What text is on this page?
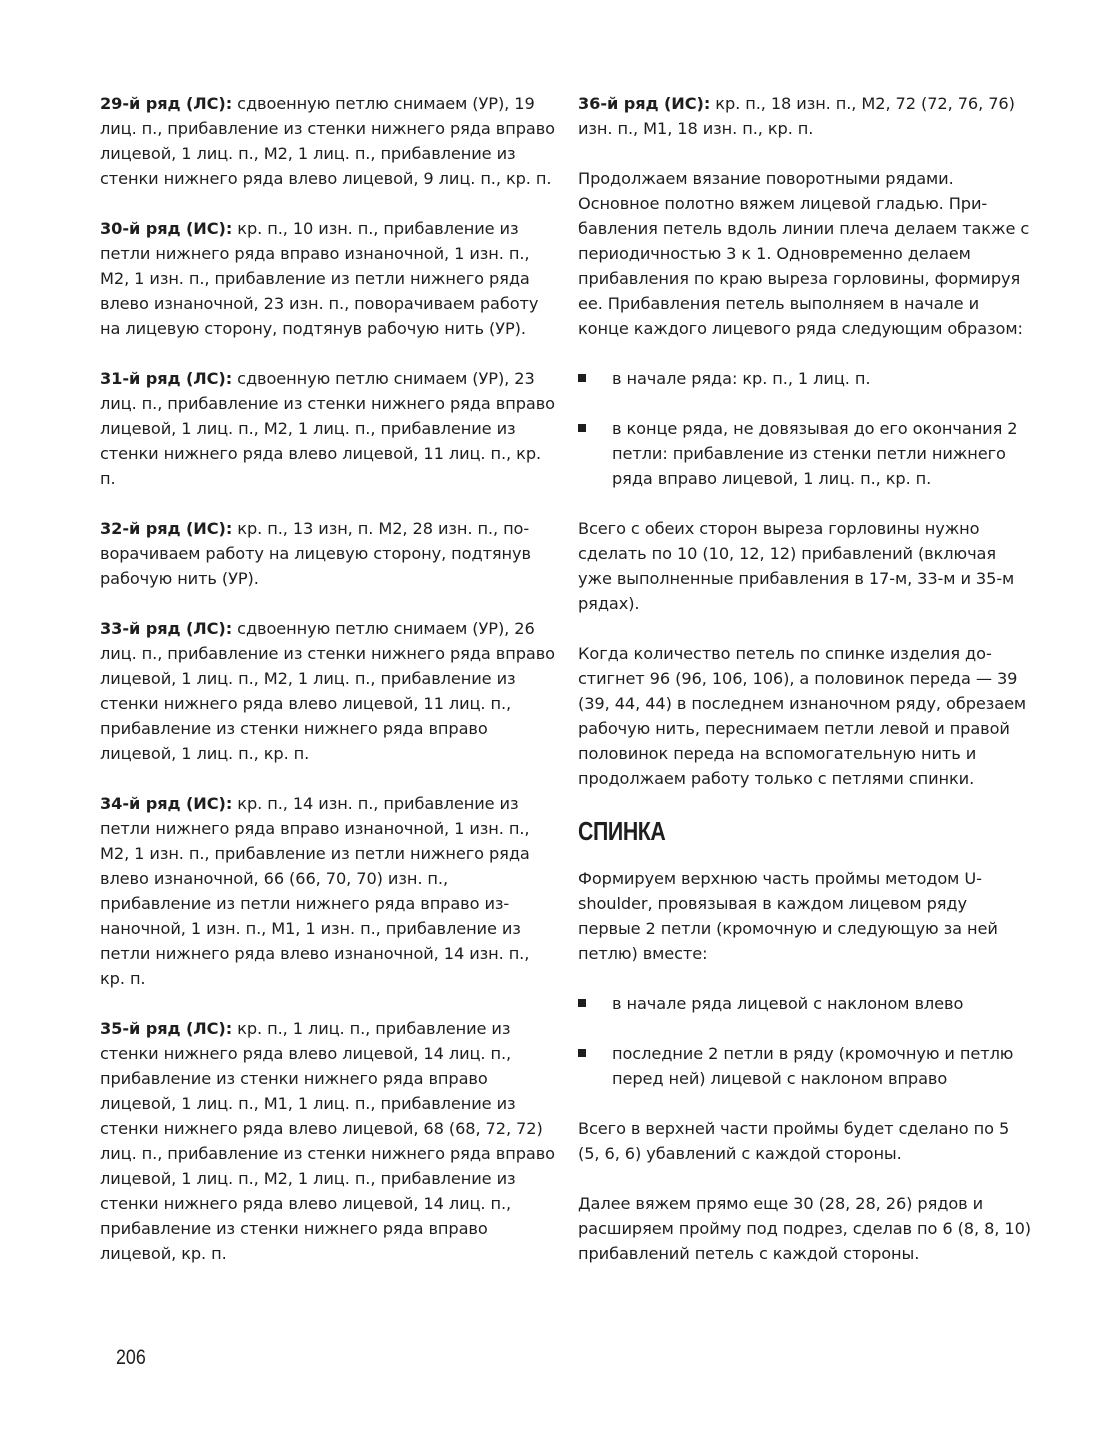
29-й ряд (ЛС): сдвоенную петлю снимаем (УР), 19 лиц. п., прибавление из стенки нижнего ряда вправо лицевой, 1 лиц. п., М2, 1 лиц. п., прибавление из стенки нижнего ряда влево лицевой, 9 лиц. п., кр. п.

30-й ряд (ИС): кр. п., 10 изн. п., прибавление из петли нижнего ряда вправо изнаночной, 1 изн. п., М2, 1 изн. п., прибавление из петли нижнего ряда влево изнаночной, 23 изн. п., поворачиваем работу на лицевую сторону, подтянув рабочую нить (УР).

31-й ряд (ЛС): сдвоенную петлю снимаем (УР), 23 лиц. п., прибавление из стенки нижнего ряда вправо лицевой, 1 лиц. п., М2, 1 лиц. п., прибавление из стенки нижнего ряда влево лицевой, 11 лиц. п., кр. п.

32-й ряд (ИС): кр. п., 13 изн, п. М2, 28 изн. п., поворачиваем работу на лицевую сторону, подтянув рабочую нить (УР).

33-й ряд (ЛС): сдвоенную петлю снимаем (УР), 26 лиц. п., прибавление из стенки нижнего ряда вправо лицевой, 1 лиц. п., М2, 1 лиц. п., прибавление из стенки нижнего ряда влево лицевой, 11 лиц. п., прибавление из стенки нижнего ряда вправо лицевой, 1 лиц. п., кр. п.

34-й ряд (ИС): кр. п., 14 изн. п., прибавление из петли нижнего ряда вправо изнаночной, 1 изн. п., М2, 1 изн. п., прибавление из петли нижнего ряда влево изнаночной, 66 (66, 70, 70) изн. п., прибавление из петли нижнего ряда вправо изнаночной, 1 изн. п., М1, 1 изн. п., прибавление из петли нижнего ряда влево изнаночной, 14 изн. п., кр. п.

35-й ряд (ЛС): кр. п., 1 лиц. п., прибавление из стенки нижнего ряда влево лицевой, 14 лиц. п., прибавление из стенки нижнего ряда вправо лицевой, 1 лиц. п., М1, 1 лиц. п., прибавление из стенки нижнего ряда влево лицевой, 68 (68, 72, 72) лиц. п., прибавление из стенки нижнего ряда вправо лицевой, 1 лиц. п., М2, 1 лиц. п., прибавление из стенки нижнего ряда влево лицевой, 14 лиц. п., прибавление из стенки нижнего ряда вправо лицевой, кр. п.

36-й ряд (ИС): кр. п., 18 изн. п., М2, 72 (72, 76, 76) изн. п., М1, 18 изн. п., кр. п.

Продолжаем вязание поворотными рядами. Основное полотно вяжем лицевой гладью. Прибавления петель вдоль линии плеча делаем также с периодичностью 3 к 1. Одновременно делаем прибавления по краю выреза горловины, формируя ее. Прибавления петель выполняем в начале и конце каждого лицевого ряда следующим образом:

в начале ряда: кр. п., 1 лиц. п.
в конце ряда, не довязывая до его окончания 2 петли: прибавление из стенки петли нижнего ряда вправо лицевой, 1 лиц. п., кр. п.

Всего с обеих сторон выреза горловины нужно сделать по 10 (10, 12, 12) прибавлений (включая уже выполненные прибавления в 17-м, 33-м и 35-м рядах).

Когда количество петель по спинке изделия достигнет 96 (96, 106, 106), а половинок переда — 39 (39, 44, 44) в последнем изнаночном ряду, обрезаем рабочую нить, переснимаем петли левой и правой половинок переда на вспомогательную нить и продолжаем работу только с петлями спинки.

СПИНКА

Формируем верхнюю часть проймы методом U-shoulder, провязывая в каждом лицевом ряду первые 2 петли (кромочную и следующую за ней петлю) вместе:

в начале ряда лицевой с наклоном влево
последние 2 петли в ряду (кромочную и петлю перед ней) лицевой с наклоном вправо

Всего в верхней части проймы будет сделано по 5 (5, 6, 6) убавлений с каждой стороны.

Далее вяжем прямо еще 30 (28, 28, 26) рядов и расширяем пройму под подрез, сделав по 6 (8, 8, 10) прибавлений петель с каждой стороны.

206
